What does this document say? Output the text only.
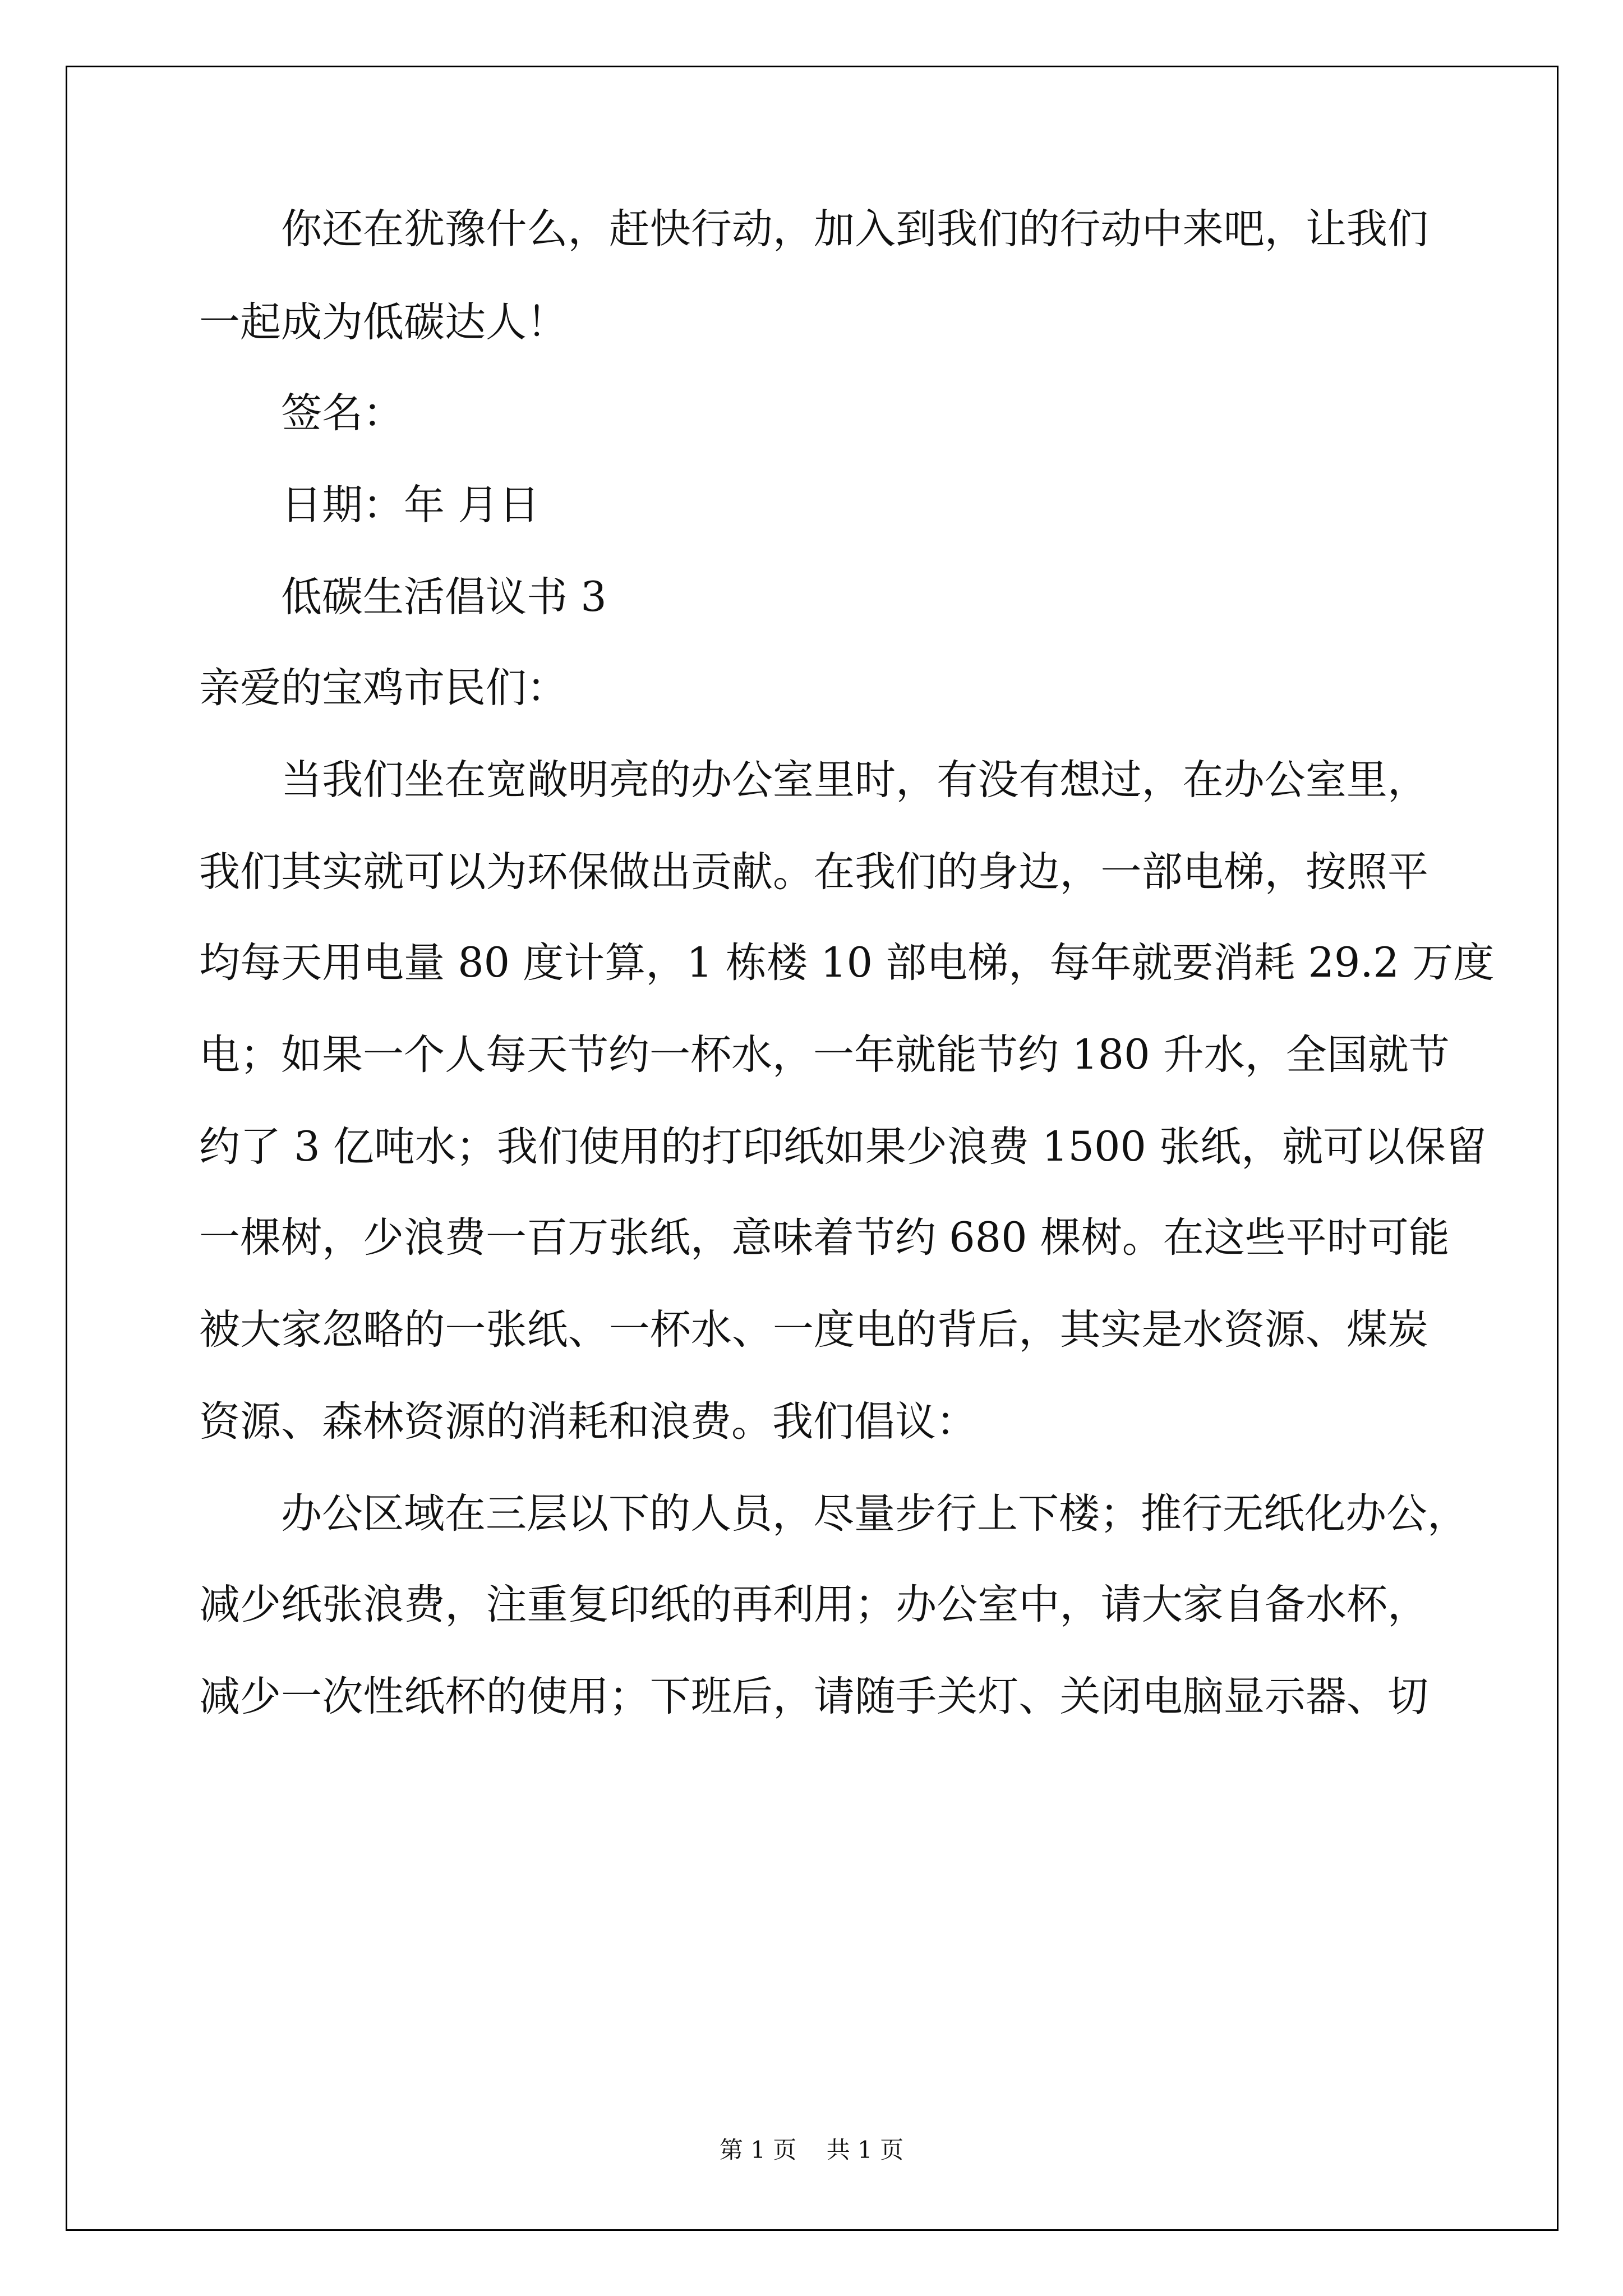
你还在犹豫什么，赶快行动，加入到我们的行动中来吧，让我们
一起成为低碳达人！
签名：
日期：年 月日
低碳生活倡议书 3
亲爱的宝鸡市民们：
当我们坐在宽敞明亮的办公室里时，有没有想过，在办公室里，
我们其实就可以为环保做出贡献。在我们的身边，一部电梯，按照平
均每天用电量 80 度计算，1 栋楼 10 部电梯，每年就要消耗 29.2 万度
电；如果一个人每天节约一杯水，一年就能节约 180 升水，全国就节
约了 3 亿吨水；我们使用的打印纸如果少浪费 1500 张纸，就可以保留
一棵树，少浪费一百万张纸，意味着节约 680 棵树。在这些平时可能
被大家忽略的一张纸、一杯水、一度电的背后，其实是水资源、煤炭
资源、森林资源的消耗和浪费。我们倡议：
办公区域在三层以下的人员，尽量步行上下楼；推行无纸化办公，
减少纸张浪费，注重复印纸的再利用；办公室中，请大家自备水杯，
减少一次性纸杯的使用；下班后，请随手关灯、关闭电脑显示器、切
第 1 页    共 1 页
